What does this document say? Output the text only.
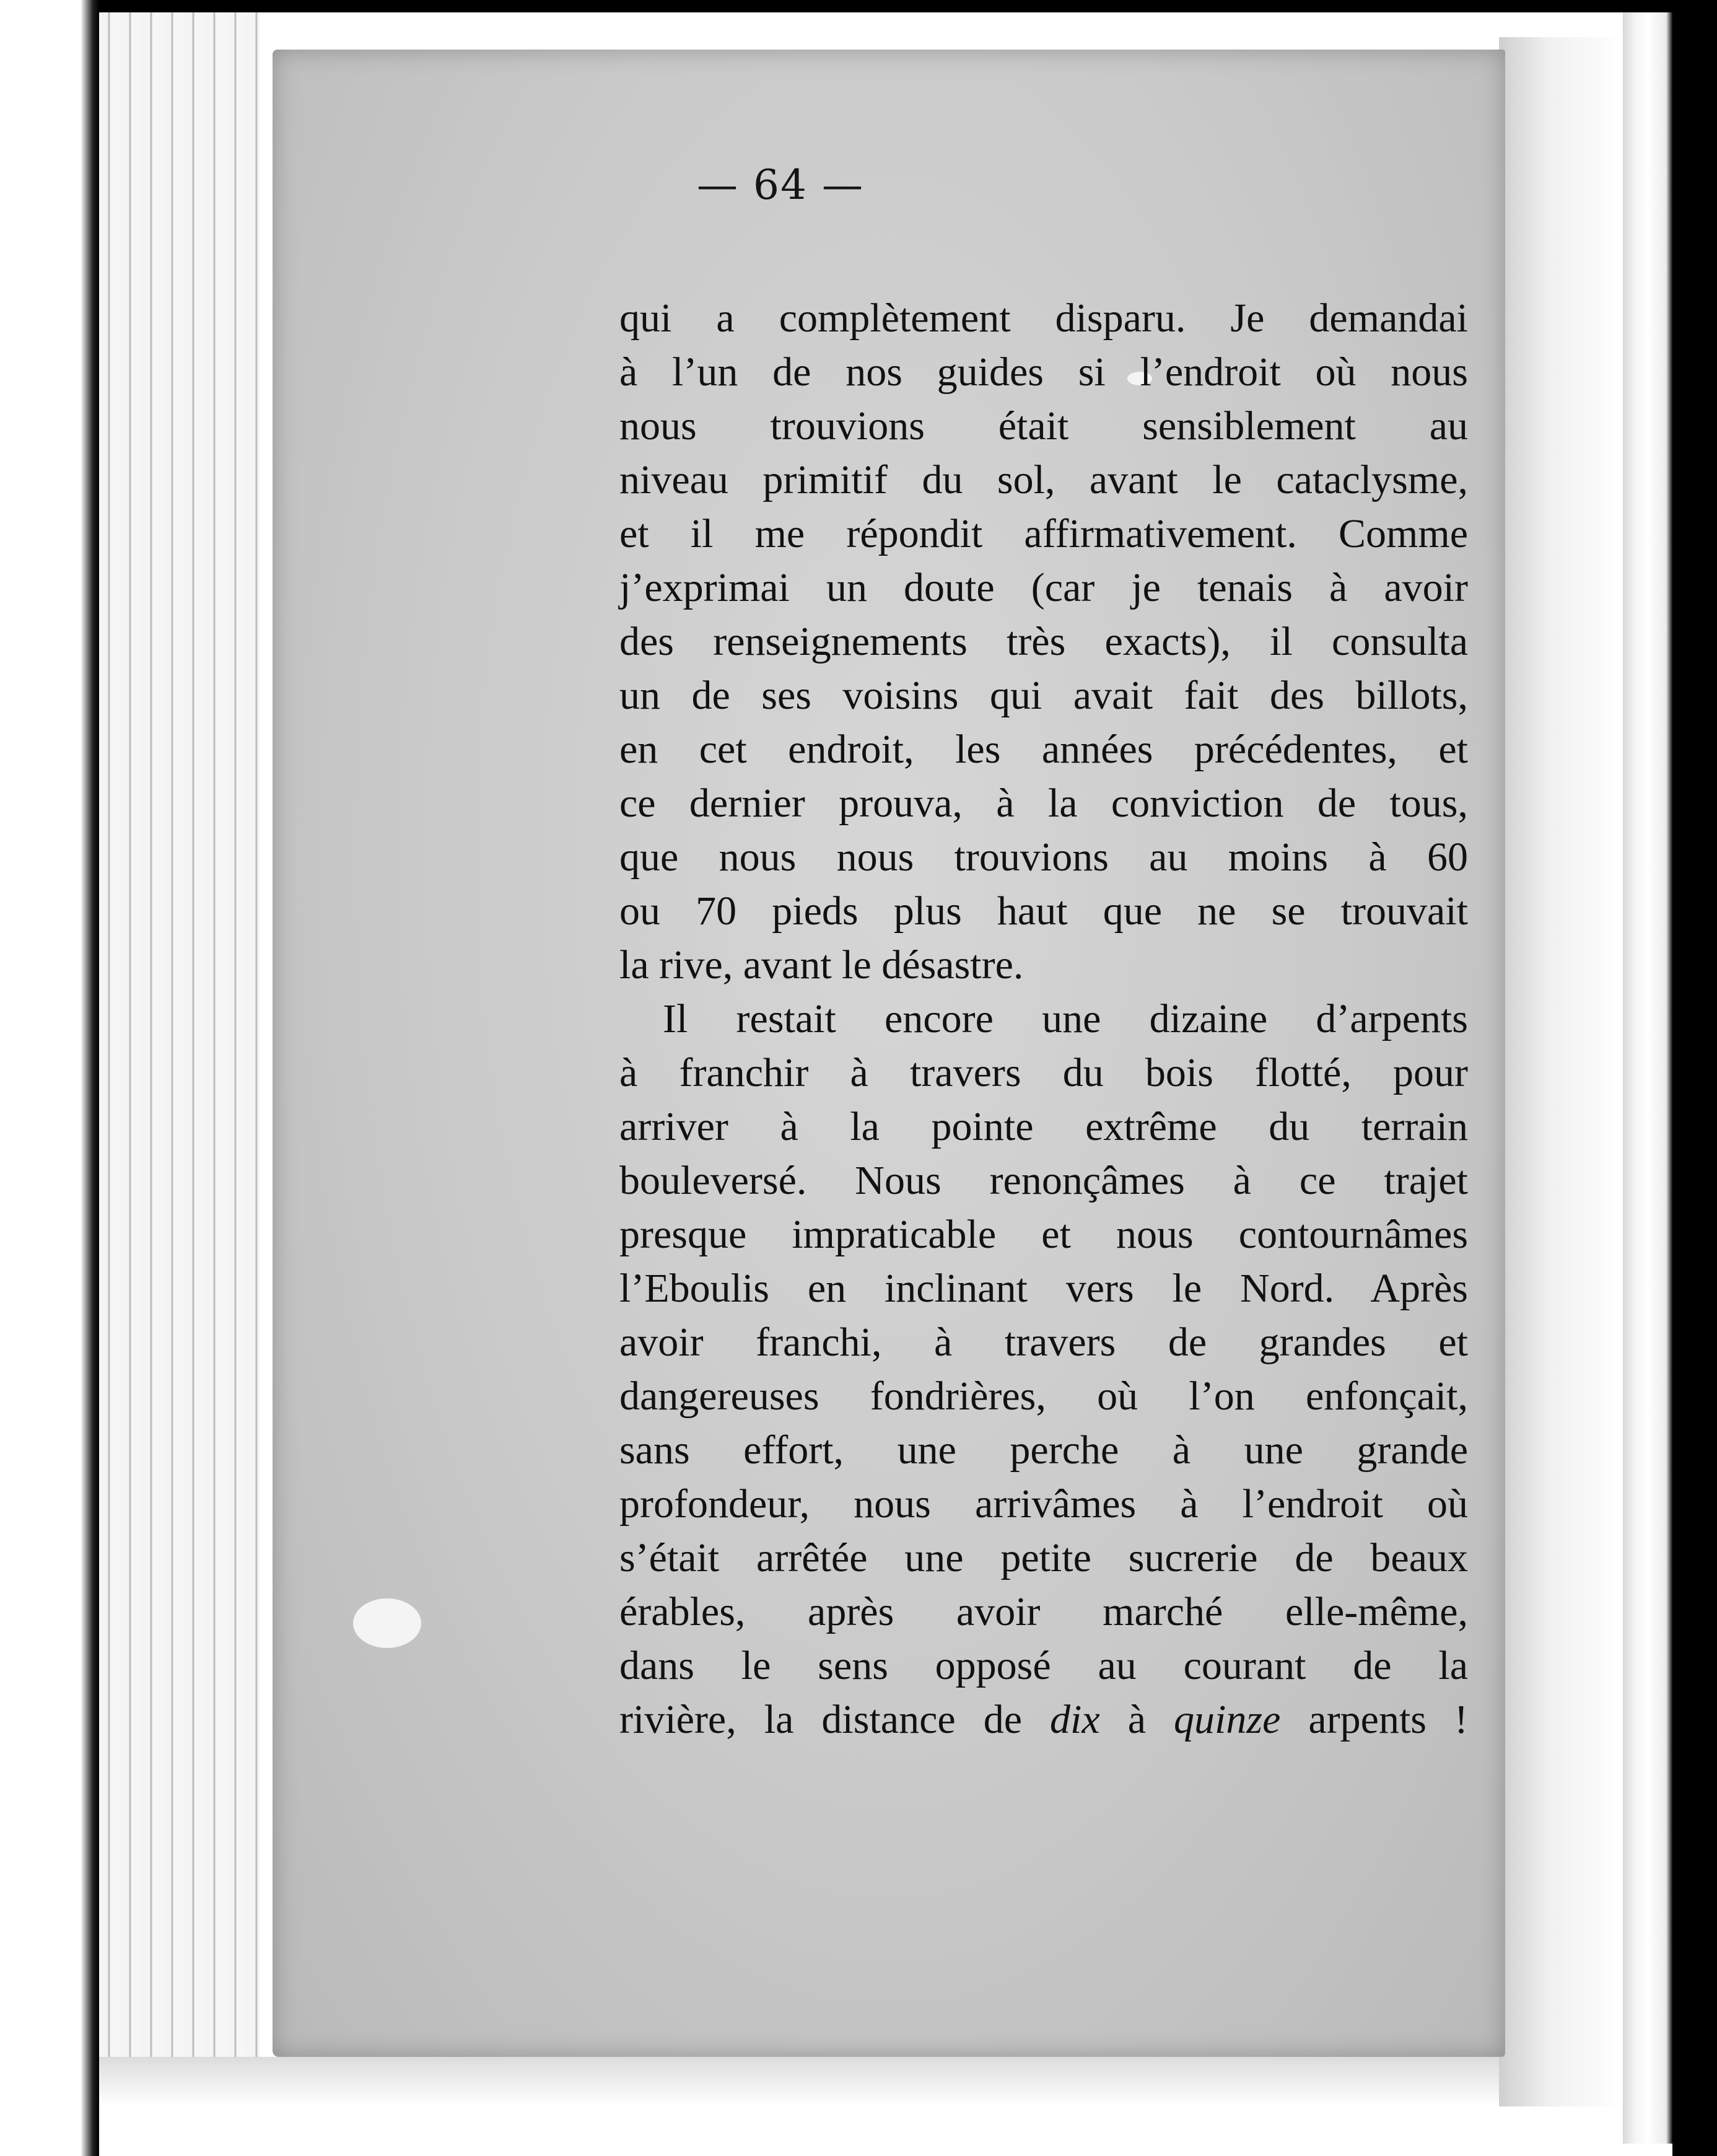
— 64 —
qui a complètement disparu. Je demandai
à l’un de nos guides si l’endroit où nous
nous trouvions était sensiblement au
niveau primitif du sol, avant le cataclysme,
et il me répondit affirmativement. Comme
j’exprimai un doute (car je tenais à avoir
des renseignements très exacts), il consulta
un de ses voisins qui avait fait des billots,
en cet endroit, les années précédentes, et
ce dernier prouva, à la conviction de tous,
que nous nous trouvions au moins à 60
ou 70 pieds plus haut que ne se trouvait
la rive, avant le désastre.
Il restait encore une dizaine d’arpents
à franchir à travers du bois flotté, pour
arriver à la pointe extrême du terrain
bouleversé. Nous renonçâmes à ce trajet
presque impraticable et nous contournâmes
l’Eboulis en inclinant vers le Nord. Après
avoir franchi, à travers de grandes et
dangereuses fondrières, où l’on enfonçait,
sans effort, une perche à une grande
profondeur, nous arrivâmes à l’endroit où
s’était arrêtée une petite sucrerie de beaux
érables, après avoir marché elle-même,
dans le sens opposé au courant de la
rivière, la distance de dix à quinze arpents !
